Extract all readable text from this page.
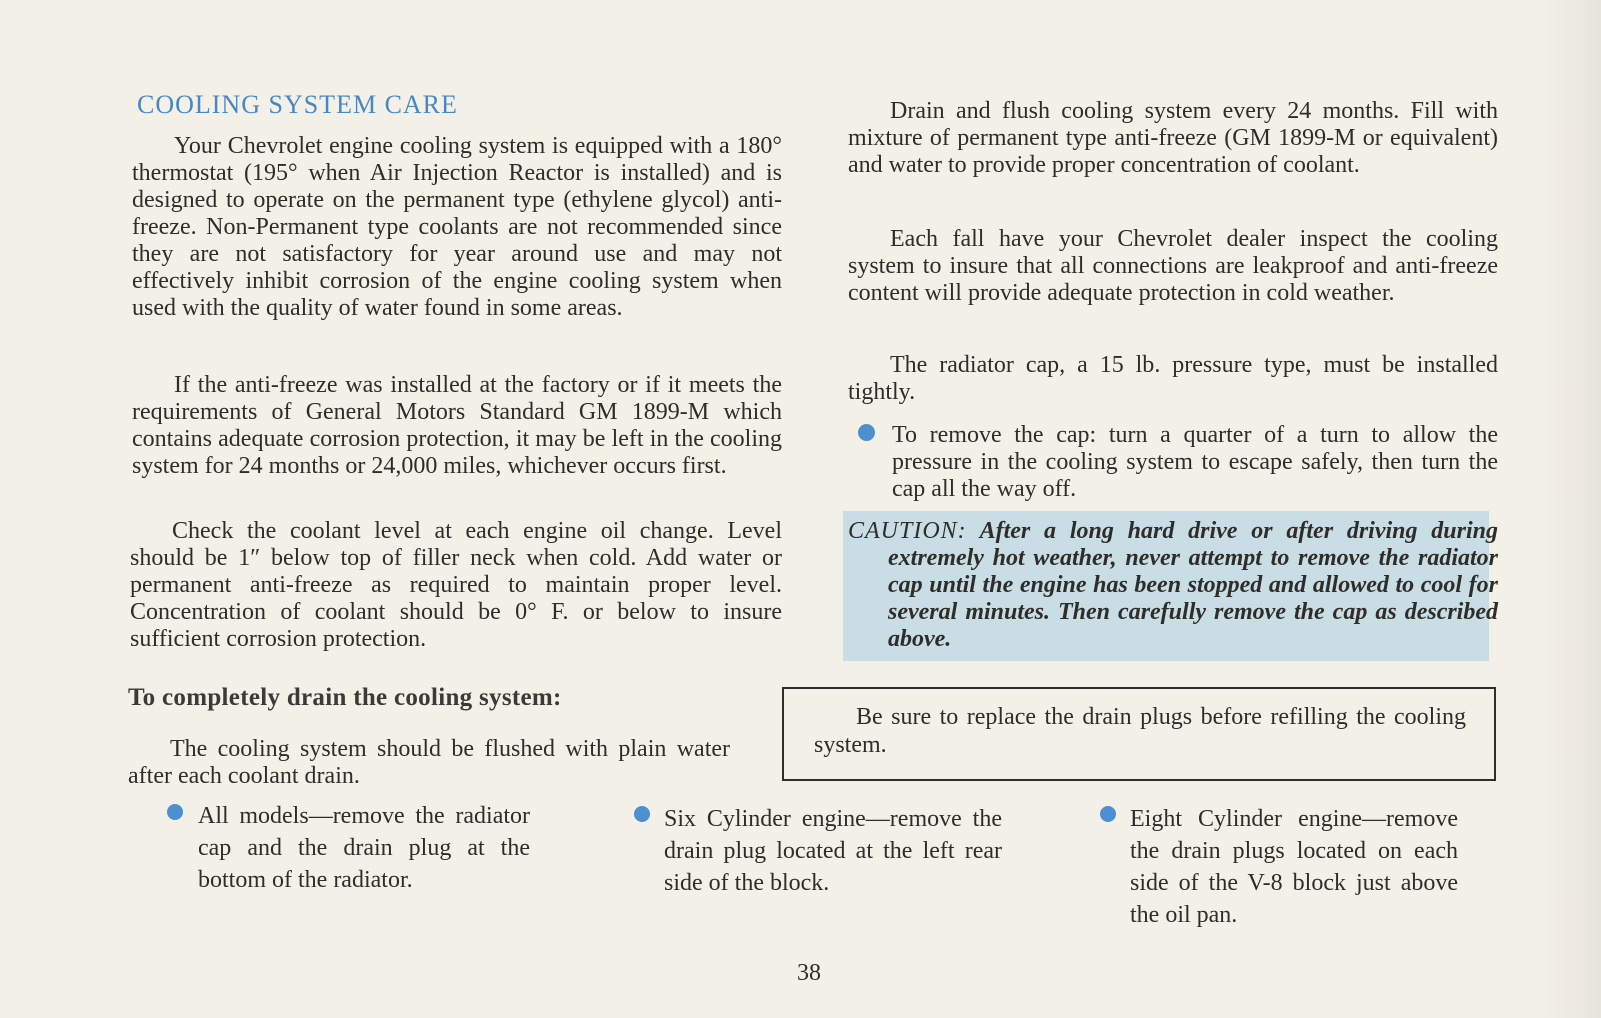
COOLING SYSTEM CARE

Your Chevrolet engine cooling system is equipped with a 180° thermostat (195° when Air Injection Reactor is installed) and is designed to operate on the permanent type (ethylene glycol) anti-freeze. Non-Permanent type coolants are not recommended since they are not satisfactory for year around use and may not effectively inhibit corrosion of the engine cooling system when used with the quality of water found in some areas.

If the anti-freeze was installed at the factory or if it meets the requirements of General Motors Standard GM 1899-M which contains adequate corrosion protection, it may be left in the cooling system for 24 months or 24,000 miles, whichever occurs first.

Check the coolant level at each engine oil change. Level should be 1″ below top of filler neck when cold. Add water or permanent anti-freeze as required to maintain proper level. Concentration of coolant should be 0° F. or below to insure sufficient corrosion protection.

Drain and flush cooling system every 24 months. Fill with mixture of permanent type anti-freeze (GM 1899-M or equivalent) and water to provide proper concentration of coolant.

Each fall have your Chevrolet dealer inspect the cooling system to insure that all connections are leakproof and anti-freeze content will provide adequate protection in cold weather.

The radiator cap, a 15 lb. pressure type, must be installed tightly.

To remove the cap: turn a quarter of a turn to allow the pressure in the cooling system to escape safely, then turn the cap all the way off.

CAUTION: After a long hard drive or after driving during extremely hot weather, never attempt to remove the radiator cap until the engine has been stopped and allowed to cool for several minutes. Then carefully remove the cap as described above.

To completely drain the cooling system:

The cooling system should be flushed with plain water after each coolant drain.

Be sure to replace the drain plugs before refilling the cooling system.

All models—remove the radiator cap and the drain plug at the bottom of the radiator.

Six Cylinder engine—remove the drain plug located at the left rear side of the block.

Eight Cylinder engine—remove the drain plugs located on each side of the V-8 block just above the oil pan.

38
